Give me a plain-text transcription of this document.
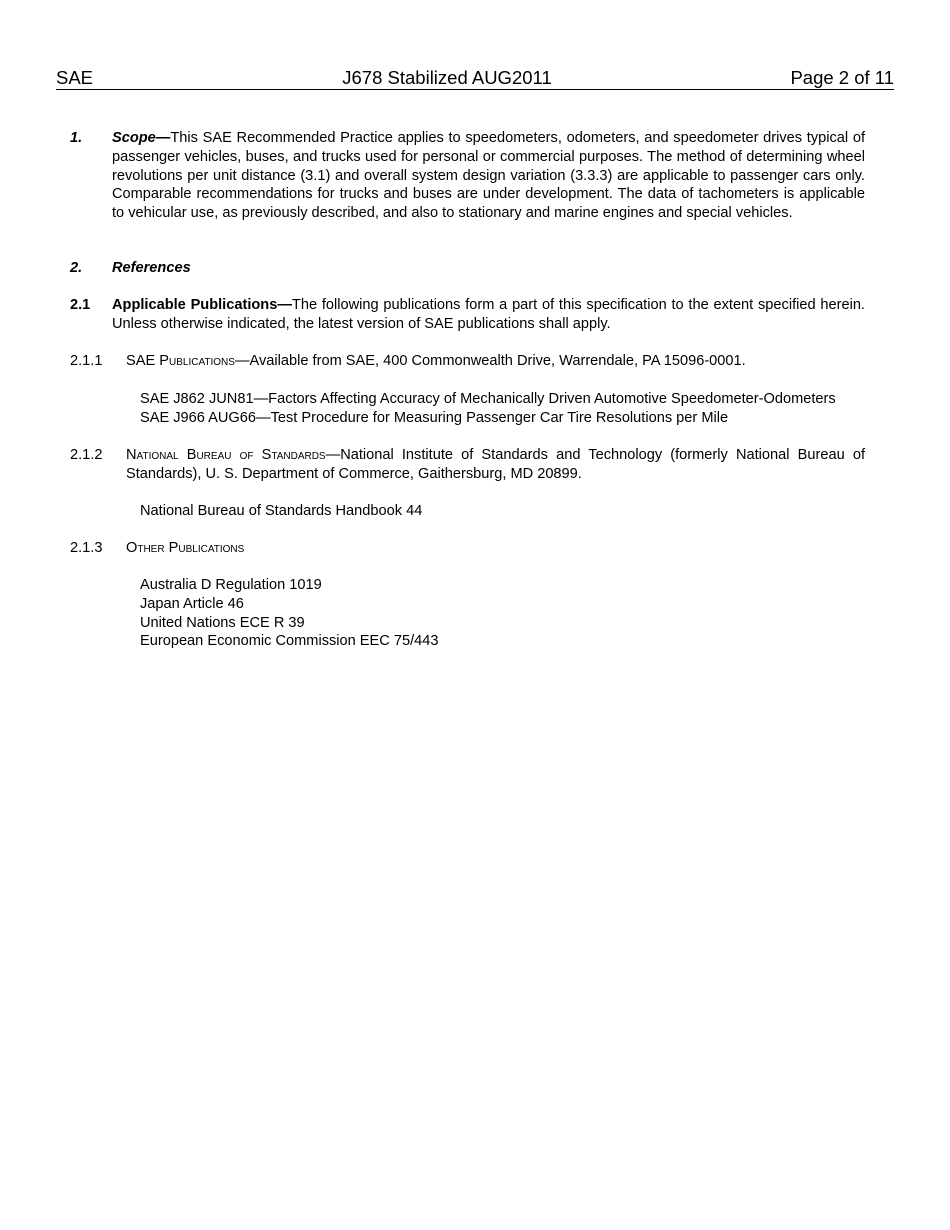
SAE	J678 Stabilized AUG2011	Page 2 of 11
1. Scope—This SAE Recommended Practice applies to speedometers, odometers, and speedometer drives typical of passenger vehicles, buses, and trucks used for personal or commercial purposes. The method of determining wheel revolutions per unit distance (3.1) and overall system design variation (3.3.3) are applicable to passenger cars only. Comparable recommendations for trucks and buses are under development. The data of tachometers is applicable to vehicular use, as previously described, and also to stationary and marine engines and special vehicles.
2. References
2.1 Applicable Publications—The following publications form a part of this specification to the extent specified herein. Unless otherwise indicated, the latest version of SAE publications shall apply.
2.1.1 SAE Publications—Available from SAE, 400 Commonwealth Drive, Warrendale, PA 15096-0001.
SAE J862 JUN81—Factors Affecting Accuracy of Mechanically Driven Automotive Speedometer-Odometers
SAE J966 AUG66—Test Procedure for Measuring Passenger Car Tire Resolutions per Mile
2.1.2 National Bureau of Standards—National Institute of Standards and Technology (formerly National Bureau of Standards), U. S. Department of Commerce, Gaithersburg, MD 20899.
National Bureau of Standards Handbook 44
2.1.3 Other Publications
Australia D Regulation 1019
Japan Article 46
United Nations ECE R 39
European Economic Commission EEC 75/443
